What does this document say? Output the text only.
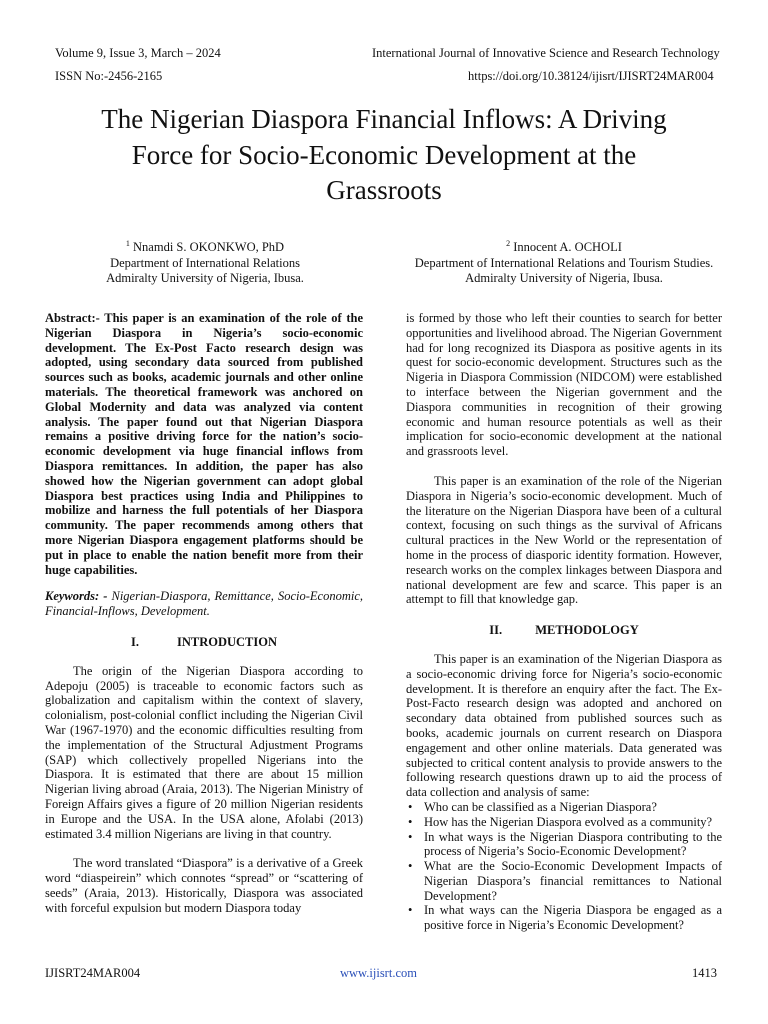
Volume 9, Issue 3, March – 2024
ISSN No:-2456-2165
International Journal of Innovative Science and Research Technology
https://doi.org/10.38124/ijisrt/IJISRT24MAR004
The Nigerian Diaspora Financial Inflows: A Driving
Force for Socio-Economic Development at the
Grassroots
$^1$ Nnamdi S. OKONKWO, PhD
Department of International Relations
Admiralty University of Nigeria, Ibusa.
$^2$ Innocent A. OCHOLI
Department of International Relations and Tourism Studies.
Admiralty University of Nigeria, Ibusa.

Abstract:- This paper is an examination of the role of the Nigerian Diaspora in Nigeria’s socio-economic development. The Ex-Post Facto research design was adopted, using secondary data sourced from published sources such as books, academic journals and other online materials. The theoretical framework was anchored on Global Modernity and data was analyzed via content analysis. The paper found out that Nigerian Diaspora remains a positive driving force for the nation’s socio-economic development via huge financial inflows from Diaspora remittances. In addition, the paper has also showed how the Nigerian government can adopt global Diaspora best practices using India and Philippines to mobilize and harness the full potentials of her Diaspora community. The paper recommends among others that more Nigerian Diaspora engagement platforms should be put in place to enable the nation benefit more from their huge capabilities.

Keywords: - Nigerian-Diaspora, Remittance, Socio-Economic, Financial-Inflows, Development.

I.	INTRODUCTION

The origin of the Nigerian Diaspora according to Adepoju (2005) is traceable to economic factors such as globalization and capitalism within the context of slavery, colonialism, post-colonial conflict including the Nigerian Civil War (1967-1970) and the economic difficulties resulting from the implementation of the Structural Adjustment Programs (SAP) which collectively propelled Nigerians into the Diaspora. It is estimated that there are about 15 million Nigerian living abroad (Araia, 2013). The Nigerian Ministry of Foreign Affairs gives a figure of 20 million Nigerian residents in Europe and the USA. In the USA alone, Afolabi (2013) estimated 3.4 million Nigerians are living in that country.

The word translated “Diaspora” is a derivative of a Greek word “diaspeirein” which connotes “spread” or “scattering of seeds” (Araia, 2013). Historically, Diaspora was associated with forceful expulsion but modern Diaspora today

is formed by those who left their counties to search for better opportunities and livelihood abroad. The Nigerian Government had for long recognized its Diaspora as positive agents in its quest for socio-economic development. Structures such as the Nigeria in Diaspora Commission (NIDCOM) were established to interface between the Nigerian government and the Diaspora communities in recognition of their growing economic and human resource potentials as well as their implication for socio-economic development at the national and grassroots level.

This paper is an examination of the role of the Nigerian Diaspora in Nigeria’s socio-economic development. Much of the literature on the Nigerian Diaspora have been of a cultural context, focusing on such things as the survival of Africans cultural practices in the New World or the representation of home in the process of diasporic identity formation. However, research works on the complex linkages between Diaspora and national development are few and scarce. This paper is an attempt to fill that knowledge gap.

II.	METHODOLOGY

This paper is an examination of the Nigerian Diaspora as a socio-economic driving force for Nigeria’s socio-economic development. It is therefore an enquiry after the fact. The Ex-Post-Facto research design was adopted and anchored on secondary data obtained from published sources such as books, academic journals on current research on Diaspora engagement and other online materials. Data generated was subjected to critical content analysis to provide answers to the following research questions drawn up to aid the process of data collection and analysis of same:

• Who can be classified as a Nigerian Diaspora?
• How has the Nigerian Diaspora evolved as a community?
• In what ways is the Nigerian Diaspora contributing to the process of Nigeria’s Socio-Economic Development?
• What are the Socio-Economic Development Impacts of Nigerian Diaspora’s financial remittances to National Development?
• In what ways can the Nigeria Diaspora be engaged as a positive force in Nigeria’s Economic Development?
IJISRT24MAR004	www.ijisrt.com	1413
